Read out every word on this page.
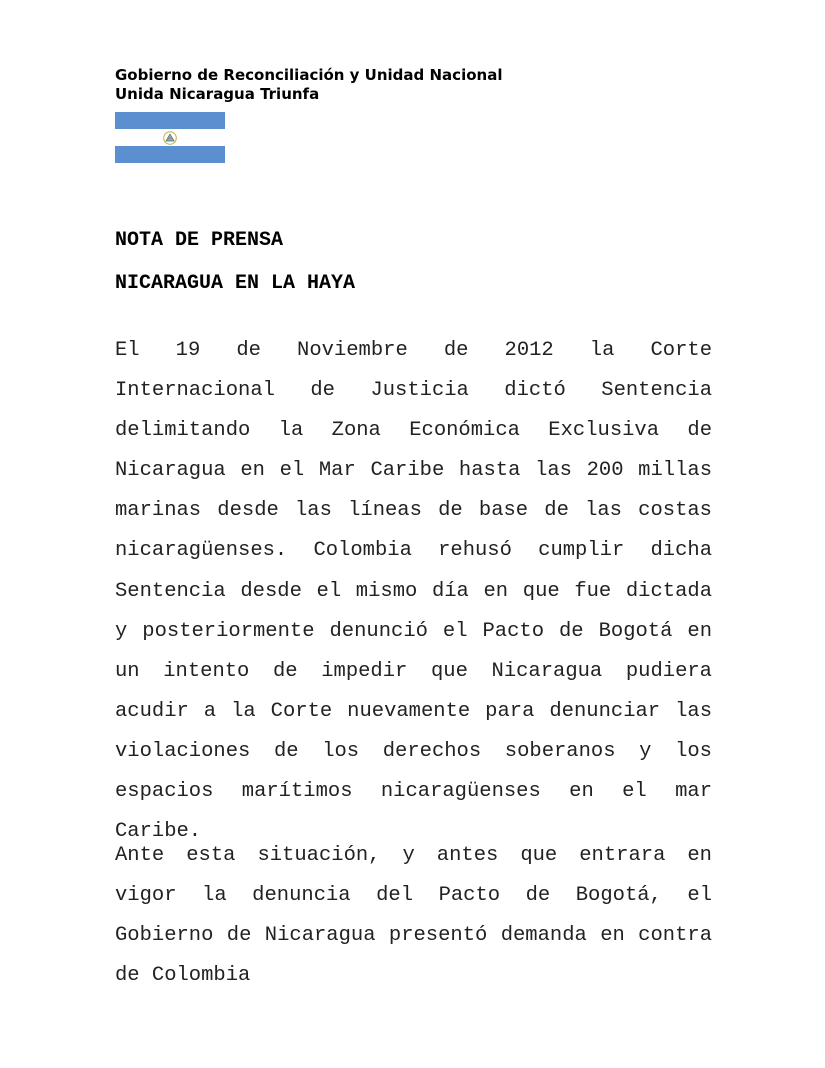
Gobierno de Reconciliación y Unidad Nacional
Unida Nicaragua Triunfa
NOTA DE PRENSA
NICARAGUA EN LA HAYA
El 19 de Noviembre de 2012 la Corte Internacional de Justicia dictó Sentencia delimitando la Zona Económica Exclusiva de Nicaragua en el Mar Caribe hasta las 200 millas marinas desde las líneas de base de las costas nicaragüenses. Colombia rehusó cumplir dicha Sentencia desde el mismo día en que fue dictada y posteriormente denunció el Pacto de Bogotá en un intento de impedir que Nicaragua pudiera acudir a la Corte nuevamente para denunciar las violaciones de los derechos soberanos y los espacios marítimos nicaragüenses en el mar Caribe.
Ante esta situación, y antes que entrara en vigor la denuncia del Pacto de Bogotá, el Gobierno de Nicaragua presentó demanda en contra de Colombia
